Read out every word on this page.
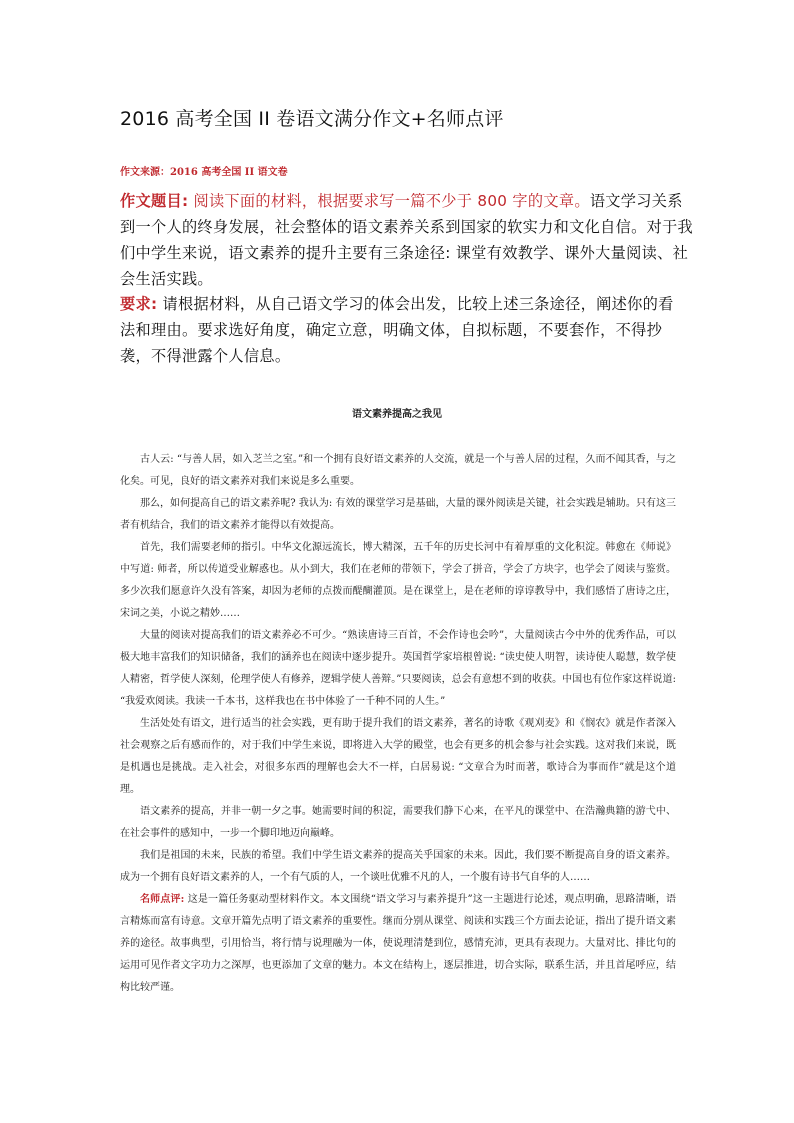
2016 高考全国 II 卷语文满分作文+名师点评
作文来源：2016 高考全国 II 语文卷
作文题目: 阅读下面的材料，根据要求写一篇不少于 800 字的文章。语文学习关系到一个人的终身发展，社会整体的语文素养关系到国家的软实力和文化自信。对于我们中学生来说，语文素养的提升主要有三条途径: 课堂有效教学、课外大量阅读、社会生活实践。
要求: 请根据材料，从自己语文学习的体会出发，比较上述三条途径，阐述你的看法和理由。要求选好角度，确定立意，明确文体，自拟标题，不要套作，不得抄袭，不得泄露个人信息。
语文素养提高之我见

古人云: “与善人居，如入芝兰之室。”和一个拥有良好语文素养的人交流，就是一个与善人居的过程，久而不闻其香，与之化矣。可见，良好的语文素养对我们来说是多么重要。

那么，如何提高自己的语文素养呢? 我认为: 有效的课堂学习是基础，大量的课外阅读是关键，社会实践是辅助。只有这三者有机结合，我们的语文素养才能得以有效提高。

首先，我们需要老师的指引。中华文化源远流长，博大精深，五千年的历史长河中有着厚重的文化积淀。韩愈在《师说》中写道: 师者，所以传道受业解惑也。从小到大，我们在老师的带领下，学会了拼音，学会了方块字，也学会了阅读与鉴赏。多少次我们愿意许久没有答案，却因为老师的点拨而醍醐灌顶。是在课堂上，是在老师的谆谆教导中，我们感悟了唐诗之庄，宋词之美，小说之精妙……

大量的阅读对提高我们的语文素养必不可少。“熟读唐诗三百首，不会作诗也会吟”，大量阅读古今中外的优秀作品，可以极大地丰富我们的知识储备，我们的涵养也在阅读中逐步提升。英国哲学家培根曾说: “读史使人明智，读诗使人聪慧，数学使人精密，哲学使人深刻，伦理学使人有修养，逻辑学使人善辩。”只要阅读，总会有意想不到的收获。中国也有位作家这样说道: “我爱欢阅读。我读一千本书，这样我也在书中体验了一千种不同的人生。”

生活处处有语文，进行适当的社会实践，更有助于提升我们的语文素养，著名的诗歌《观刈麦》和《悯农》就是作者深入社会观察之后有感而作的，对于我们中学生来说，即将进入大学的殿堂，也会有更多的机会参与社会实践。这对我们来说，既是机遇也是挑战。走入社会，对很多东西的理解也会大不一样，白居易说: “文章合为时而著，歌诗合为事而作”就是这个道理。

语文素养的提高，并非一朝一夕之事。她需要时间的积淀，需要我们静下心来，在平凡的课堂中、在浩瀚典籍的游弋中、在社会事件的感知中，一步一个脚印地迈向巅峰。

我们是祖国的未来，民族的希望。我们中学生语文素养的提高关乎国家的未来。因此，我们要不断提高自身的语文素养。成为一个拥有良好语文素养的人，一个有气质的人，一个谈吐优雅不凡的人，一个腹有诗书气自华的人……

名师点评: 这是一篇任务驱动型材料作文。本文围绕“语文学习与素养提升”这一主题进行论述，观点明确，思路清晰，语言精炼而富有诗意。文章开篇先点明了语文素养的重要性。继而分别从课堂、阅读和实践三个方面去论证，指出了提升语文素养的途径。故事典型，引用恰当，将行情与说理融为一体，使说理清楚到位，感情充沛，更具有表现力。大量对比、排比句的运用可见作者文字功力之深厚，也更添加了文章的魅力。本文在结构上，逐层推进，切合实际，联系生活，并且首尾呼应，结构比较严谨。
